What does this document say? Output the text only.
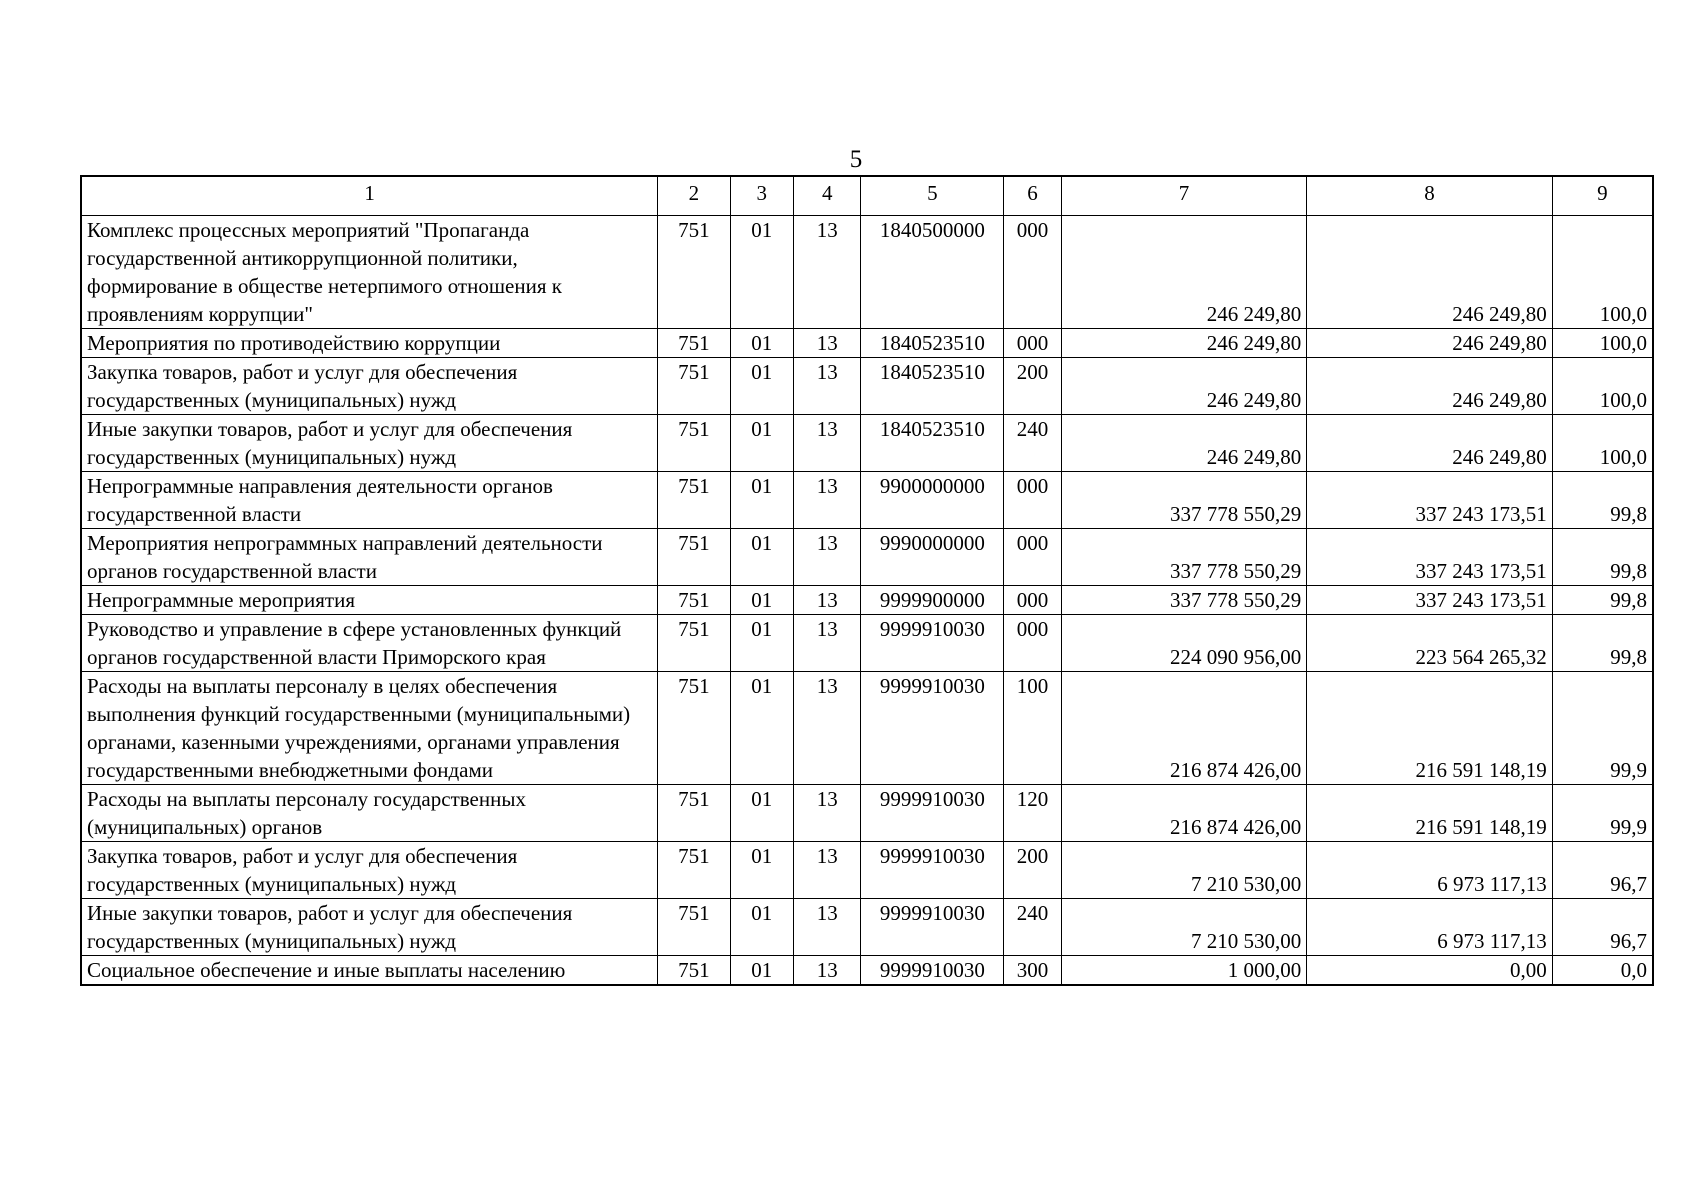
5
1	2	3	4	5	6	7	8	9
Комплекс процессных мероприятий "Пропаганда государственной антикоррупционной политики, формирование в обществе нетерпимого отношения к проявлениям коррупции"	751	01	13	1840500000	000	246 249,80	246 249,80	100,0
Мероприятия по противодействию коррупции	751	01	13	1840523510	000	246 249,80	246 249,80	100,0
Закупка товаров, работ и услуг для обеспечения государственных (муниципальных) нужд	751	01	13	1840523510	200	246 249,80	246 249,80	100,0
Иные закупки товаров, работ и услуг для обеспечения государственных (муниципальных) нужд	751	01	13	1840523510	240	246 249,80	246 249,80	100,0
Непрограммные направления деятельности органов государственной власти	751	01	13	9900000000	000	337 778 550,29	337 243 173,51	99,8
Мероприятия непрограммных направлений деятельности органов государственной власти	751	01	13	9990000000	000	337 778 550,29	337 243 173,51	99,8
Непрограммные мероприятия	751	01	13	9999900000	000	337 778 550,29	337 243 173,51	99,8
Руководство и управление в сфере установленных функций органов государственной власти Приморского края	751	01	13	9999910030	000	224 090 956,00	223 564 265,32	99,8
Расходы на выплаты персоналу в целях обеспечения выполнения функций государственными (муниципальными) органами, казенными учреждениями, органами управления государственными внебюджетными фондами	751	01	13	9999910030	100	216 874 426,00	216 591 148,19	99,9
Расходы на выплаты персоналу государственных (муниципальных) органов	751	01	13	9999910030	120	216 874 426,00	216 591 148,19	99,9
Закупка товаров, работ и услуг для обеспечения государственных (муниципальных) нужд	751	01	13	9999910030	200	7 210 530,00	6 973 117,13	96,7
Иные закупки товаров, работ и услуг для обеспечения государственных (муниципальных) нужд	751	01	13	9999910030	240	7 210 530,00	6 973 117,13	96,7
Социальное обеспечение и иные выплаты населению	751	01	13	9999910030	300	1 000,00	0,00	0,0
